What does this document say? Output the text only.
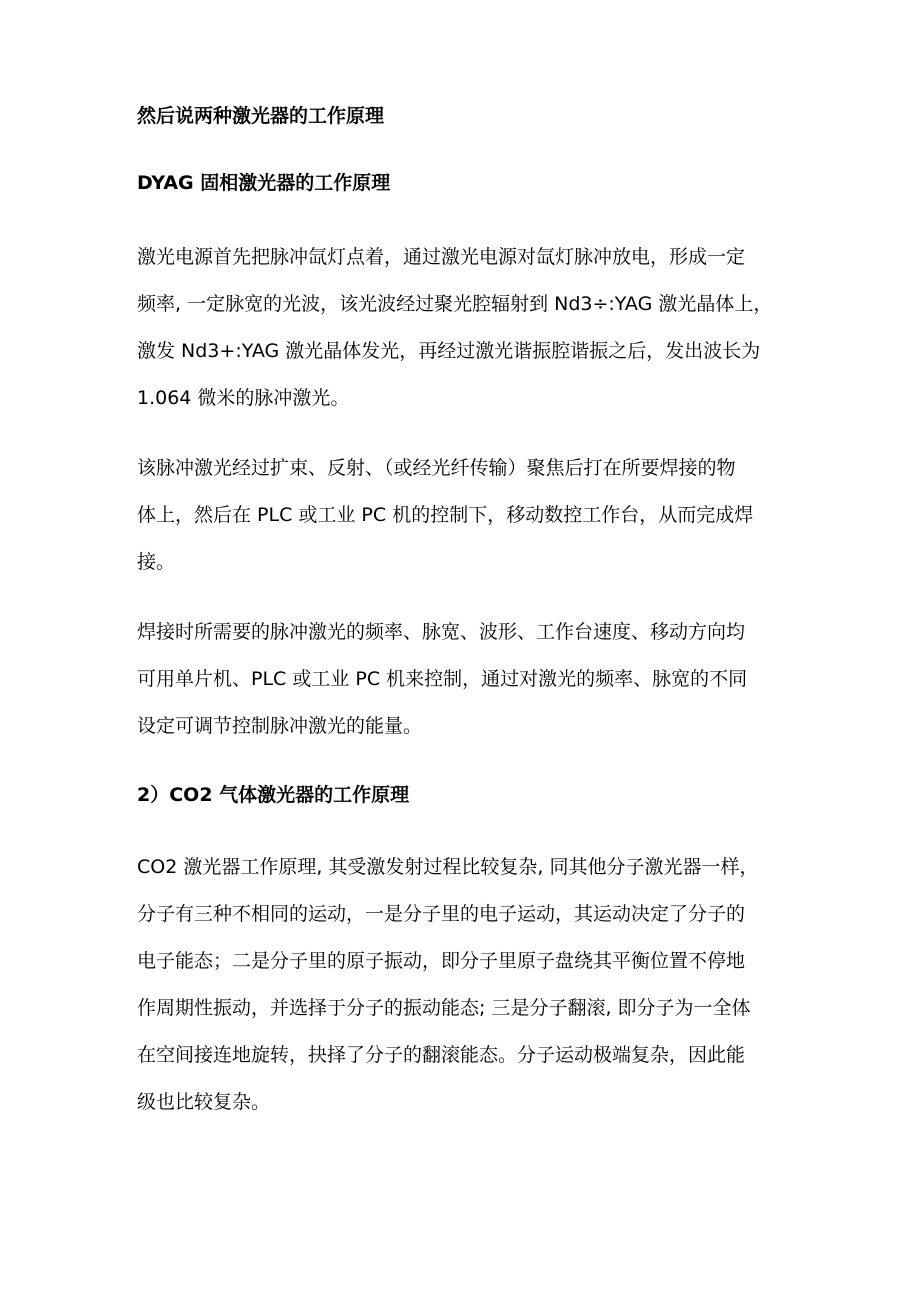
然后说两种激光器的工作原理

DYAG 固相激光器的工作原理

激光电源首先把脉冲氙灯点着，通过激光电源对氙灯脉冲放电，形成一定
频率, 一定脉宽的光波，该光波经过聚光腔辐射到 Nd3÷:YAG 激光晶体上，
激发 Nd3+:YAG 激光晶体发光，再经过激光谐振腔谐振之后，发出波长为
1.064 微米的脉冲激光。
该脉冲激光经过扩束、反射、（或经光纤传输）聚焦后打在所要焊接的物
体上，然后在 PLC 或工业 PC 机的控制下，移动数控工作台，从而完成焊
接。
焊接时所需要的脉冲激光的频率、脉宽、波形、工作台速度、移动方向均
可用单片机、PLC 或工业 PC 机来控制，通过对激光的频率、脉宽的不同
设定可调节控制脉冲激光的能量。

2）CO2 气体激光器的工作原理

CO2 激光器工作原理, 其受激发射过程比较复杂, 同其他分子激光器一样，
分子有三种不相同的运动，一是分子里的电子运动，其运动决定了分子的
电子能态；二是分子里的原子振动，即分子里原子盘绕其平衡位置不停地
作周期性振动，并选择于分子的振动能态; 三是分子翻滚, 即分子为一全体
在空间接连地旋转，抉择了分子的翻滚能态。分子运动极端复杂，因此能
级也比较复杂。
